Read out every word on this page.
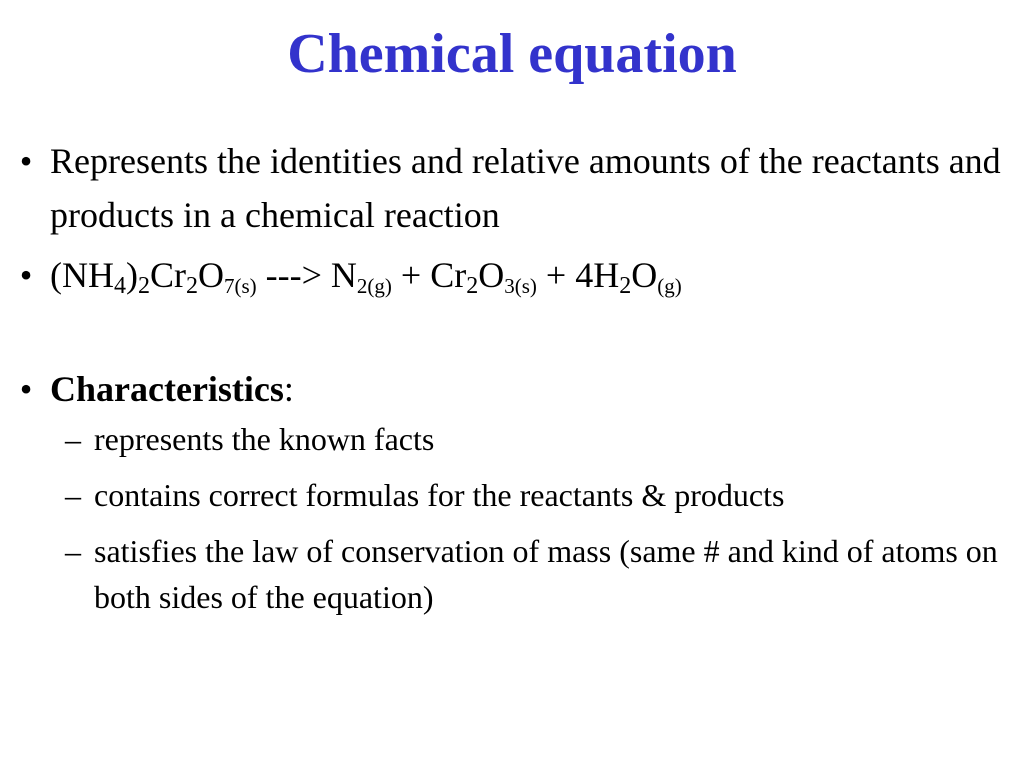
Chemical equation
• Represents the identities and relative amounts of the reactants and products in a chemical reaction
• $(NH_4)_2Cr_2O_{7(s)}$ ---> $N_{2(g)} + Cr_2O_{3(s)} + 4H_2O_{(g)}$
• Characteristics:
– represents the known facts
– contains correct formulas for the reactants & products
– satisfies the law of conservation of mass (same # and kind of atoms on both sides of the equation)
